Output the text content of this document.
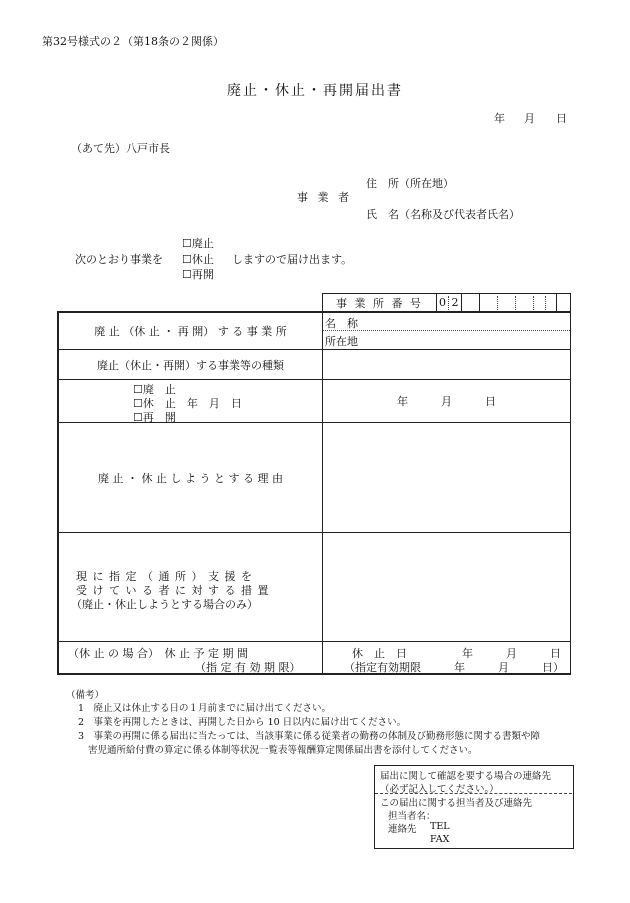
第32号様式の２（第18条の２関係）
廃止・休止・再開届出書
年 月 日
（あて先）八戸市長
住　所（所在地）
事 業 者
氏　名（名称及び代表者氏名）
☐廃止
次のとおり事業を ☐休止 しますので届け出ます。
☐再開
事 業 所 番 号	0 2
廃 止 （休 止 ・ 再 開） す る 事 業 所
名　称
所在地
廃止（休止・再開）する事業等の種類
☐廃　止
☐休　止　年　月　日
☐再　開
年　　　月　　　日
廃 止 ・ 休 止 し よ う と す る 理 由
現 に 指 定 （ 通 所 ） 支 援 を
受 け て い る 者 に 対 す る 措 置
（廃止・休止しようとする場合のみ）
（休 止 の 場 合）　休 止 予 定 期 間
（指 定 有 効 期 限）
休　止　日　　　　　年　　　月　　　日
（指定有効期限　　　年　　　月　　　日）
（備考）
1　廃止又は休止する日の１月前までに届け出てください。
2　事業を再開したときは、再開した日から 10 日以内に届け出てください。
3　事業の再開に係る届出に当たっては、当該事業に係る従業者の勤務の体制及び勤務形態に関する書類や障
害児通所給付費の算定に係る体制等状況一覧表等報酬算定関係届出書を添付してください。
届出に関して確認を要する場合の連絡先
（必ず記入してください。）
この届出に関する担当者及び連絡先
担当者名：
連絡先 TEL
FAX
